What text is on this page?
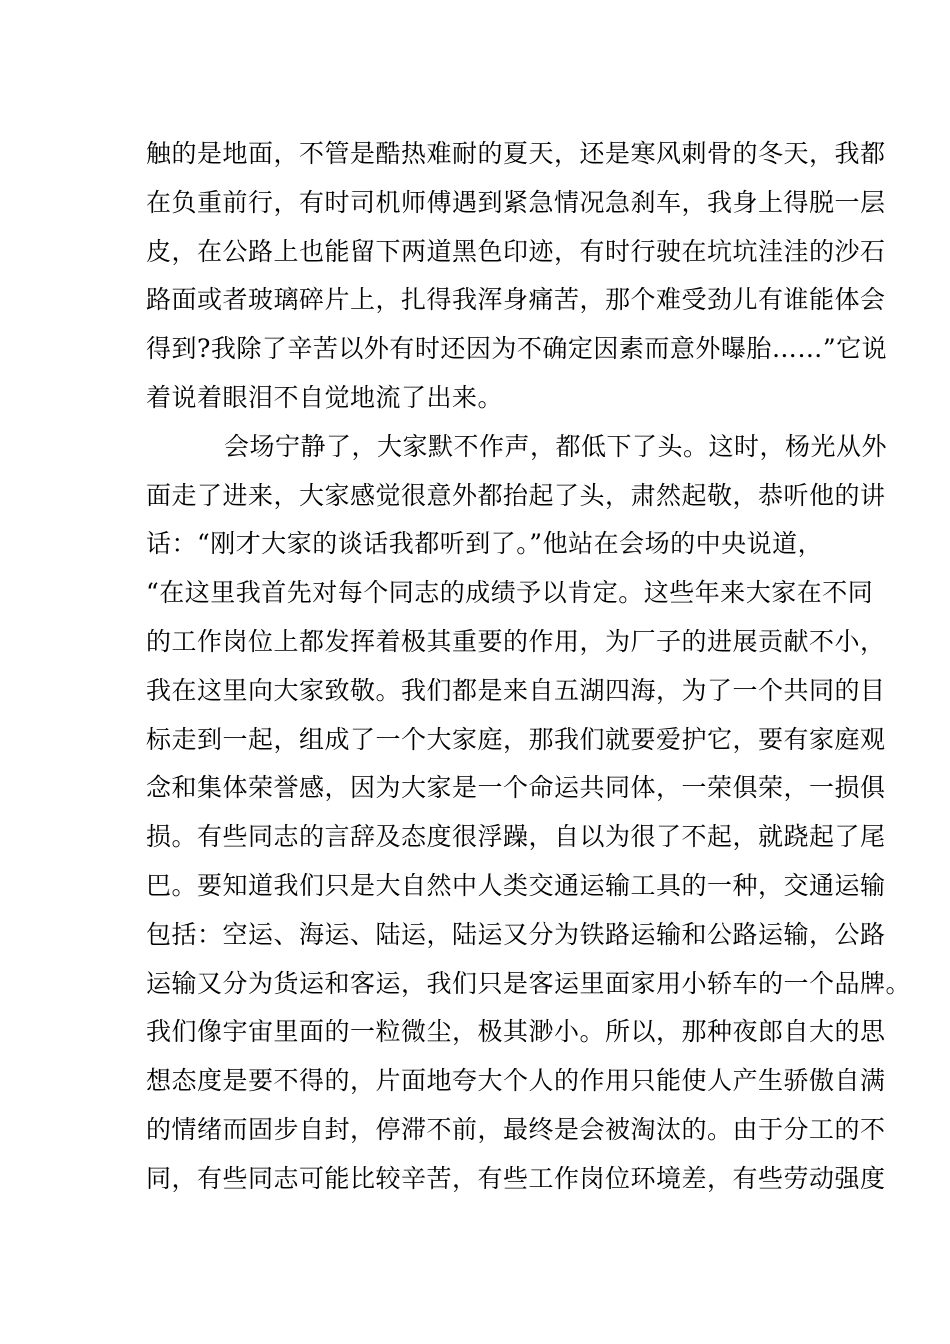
触的是地面，不管是酷热难耐的夏天，还是寒风刺骨的冬天，我都
在负重前行，有时司机师傅遇到紧急情况急刹车，我身上得脱一层
皮，在公路上也能留下两道黑色印迹，有时行驶在坑坑洼洼的沙石
路面或者玻璃碎片上，扎得我浑身痛苦，那个难受劲儿有谁能体会
得到?我除了辛苦以外有时还因为不确定因素而意外曝胎……”它说
着说着眼泪不自觉地流了出来。
会场宁静了，大家默不作声，都低下了头。这时，杨光从外
面走了进来，大家感觉很意外都抬起了头，肃然起敬，恭听他的讲
话：“刚才大家的谈话我都听到了。”他站在会场的中央说道，
“在这里我首先对每个同志的成绩予以肯定。这些年来大家在不同
的工作岗位上都发挥着极其重要的作用，为厂子的进展贡献不小，
我在这里向大家致敬。我们都是来自五湖四海，为了一个共同的目
标走到一起，组成了一个大家庭，那我们就要爱护它，要有家庭观
念和集体荣誉感，因为大家是一个命运共同体，一荣俱荣，一损俱
损。有些同志的言辞及态度很浮躁，自以为很了不起，就跷起了尾
巴。要知道我们只是大自然中人类交通运输工具的一种，交通运输
包括：空运、海运、陆运，陆运又分为铁路运输和公路运输，公路
运输又分为货运和客运，我们只是客运里面家用小轿车的一个品牌。
我们像宇宙里面的一粒微尘，极其渺小。所以，那种夜郎自大的思
想态度是要不得的，片面地夸大个人的作用只能使人产生骄傲自满
的情绪而固步自封，停滞不前，最终是会被淘汰的。由于分工的不
同，有些同志可能比较辛苦，有些工作岗位环境差，有些劳动强度
